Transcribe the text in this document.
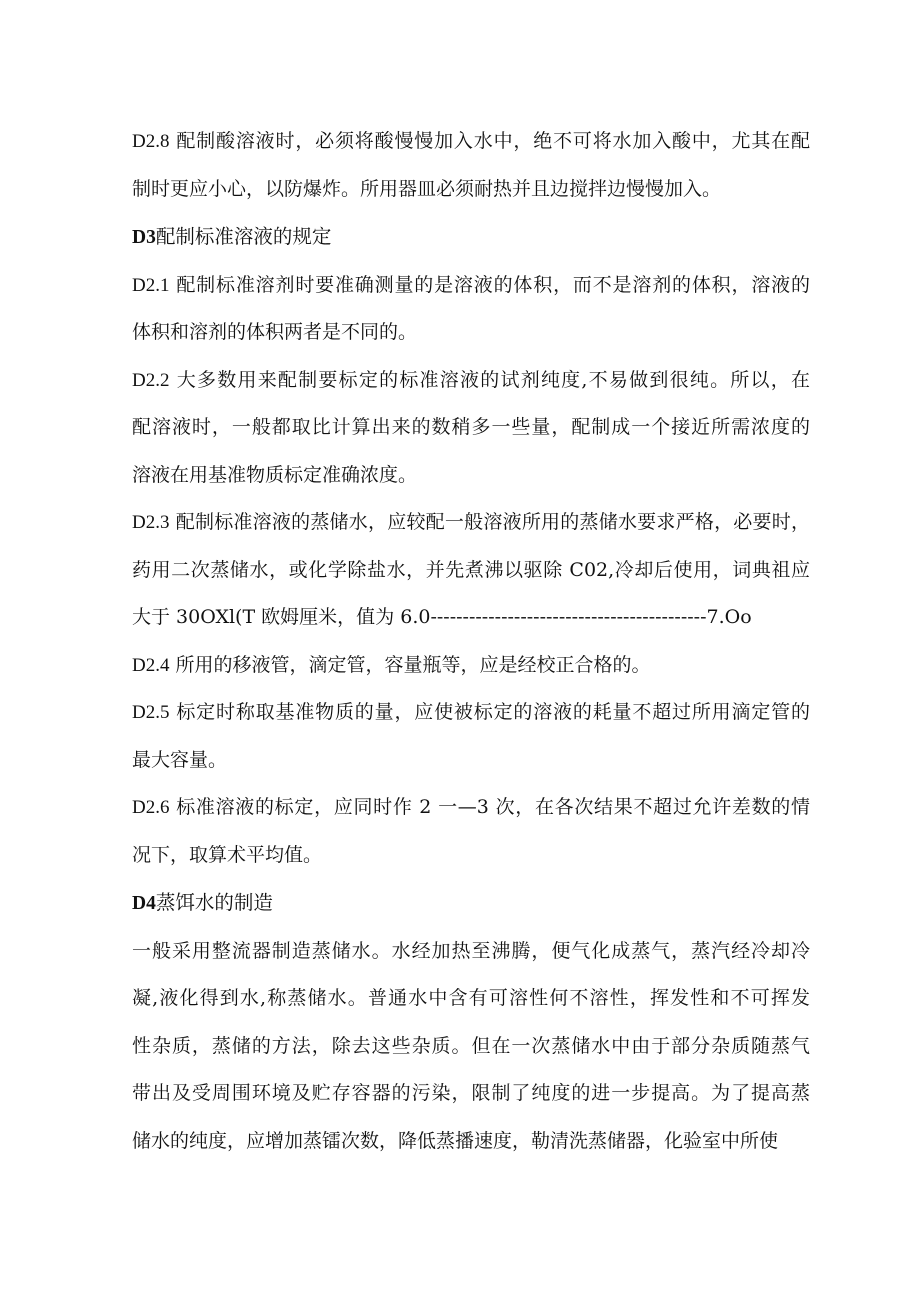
D2.8 配制酸溶液时，必须将酸慢慢加入水中，绝不可将水加入酸中，尤其在配
制时更应小心，以防爆炸。所用器皿必须耐热并且边搅拌边慢慢加入。
D3配制标准溶液的规定
D2.1 配制标准溶剂时要准确测量的是溶液的体积，而不是溶剂的体积，溶液的
体积和溶剂的体积两者是不同的。
D2.2 大多数用来配制要标定的标准溶液的试剂纯度,不易做到很纯。所以，在
配溶液时，一般都取比计算出来的数稍多一些量，配制成一个接近所需浓度的
溶液在用基准物质标定准确浓度。
D2.3 配制标准溶液的蒸储水，应较配一般溶液所用的蒸储水要求严格，必要时，
药用二次蒸储水，或化学除盐水，并先煮沸以驱除 C02,冷却后使用，词典祖应
大于 30OXl(T 欧姆厘米，值为 6.0-------------------------------------------7.Oo
D2.4 所用的移液管，滴定管，容量瓶等，应是经校正合格的。
D2.5 标定时称取基准物质的量，应使被标定的溶液的耗量不超过所用滴定管的
最大容量。
D2.6 标准溶液的标定，应同时作 2 一—3 次，在各次结果不超过允许差数的情
况下，取算术平均值。
D4蒸饵水的制造
一般采用整流器制造蒸储水。水经加热至沸腾，便气化成蒸气，蒸汽经冷却冷
凝,液化得到水,称蒸储水。普通水中含有可溶性何不溶性，挥发性和不可挥发
性杂质，蒸储的方法，除去这些杂质。但在一次蒸储水中由于部分杂质随蒸气
带出及受周围环境及贮存容器的污染，限制了纯度的进一步提高。为了提高蒸
储水的纯度，应增加蒸镭次数，降低蒸播速度，勒清洗蒸储器，化验室中所使
